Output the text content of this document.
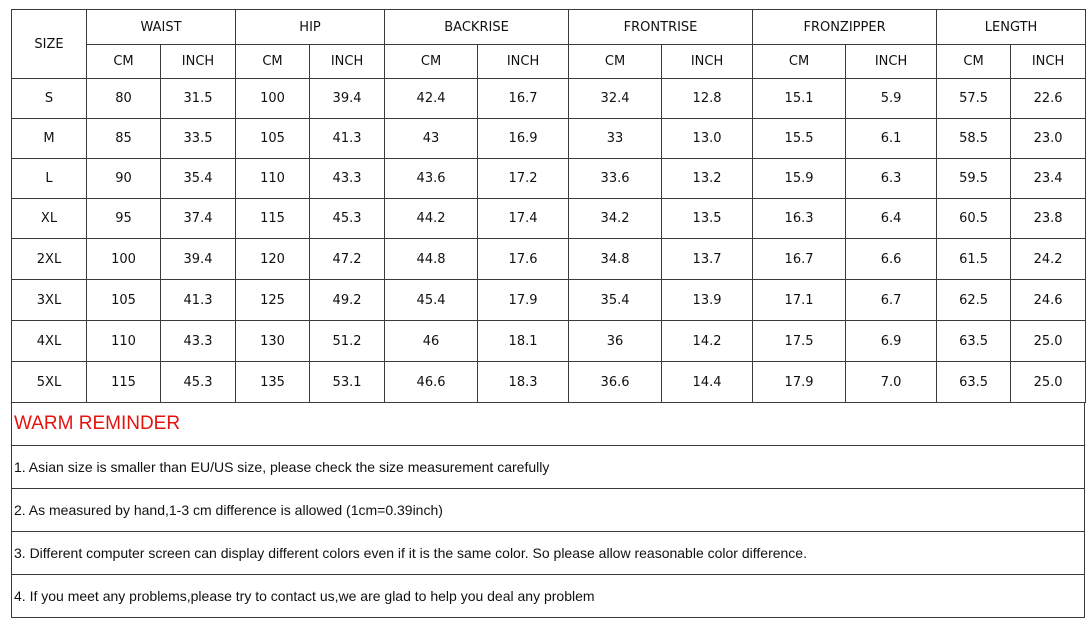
SIZE	WAIST		HIP		BACKRISE		FRONTRISE		FRONZIPPER		LENGTH	
	CM	INCH	CM	INCH	CM	INCH	CM	INCH	CM	INCH	CM	INCH
S	80	31.5	100	39.4	42.4	16.7	32.4	12.8	15.1	5.9	57.5	22.6
M	85	33.5	105	41.3	43	16.9	33	13.0	15.5	6.1	58.5	23.0
L	90	35.4	110	43.3	43.6	17.2	33.6	13.2	15.9	6.3	59.5	23.4
XL	95	37.4	115	45.3	44.2	17.4	34.2	13.5	16.3	6.4	60.5	23.8
2XL	100	39.4	120	47.2	44.8	17.6	34.8	13.7	16.7	6.6	61.5	24.2
3XL	105	41.3	125	49.2	45.4	17.9	35.4	13.9	17.1	6.7	62.5	24.6
4XL	110	43.3	130	51.2	46	18.1	36	14.2	17.5	6.9	63.5	25.0
5XL	115	45.3	135	53.1	46.6	18.3	36.6	14.4	17.9	7.0	63.5	25.0
WARM REMINDER
1. Asian size is smaller than EU/US size, please check the size measurement carefully
2. As measured by hand,1-3 cm difference is allowed (1cm=0.39inch)
3. Different computer screen can display different colors even if it is the same color. So please allow reasonable color difference.
4. If you meet any problems,please try to contact us,we are glad to help you deal any problem
